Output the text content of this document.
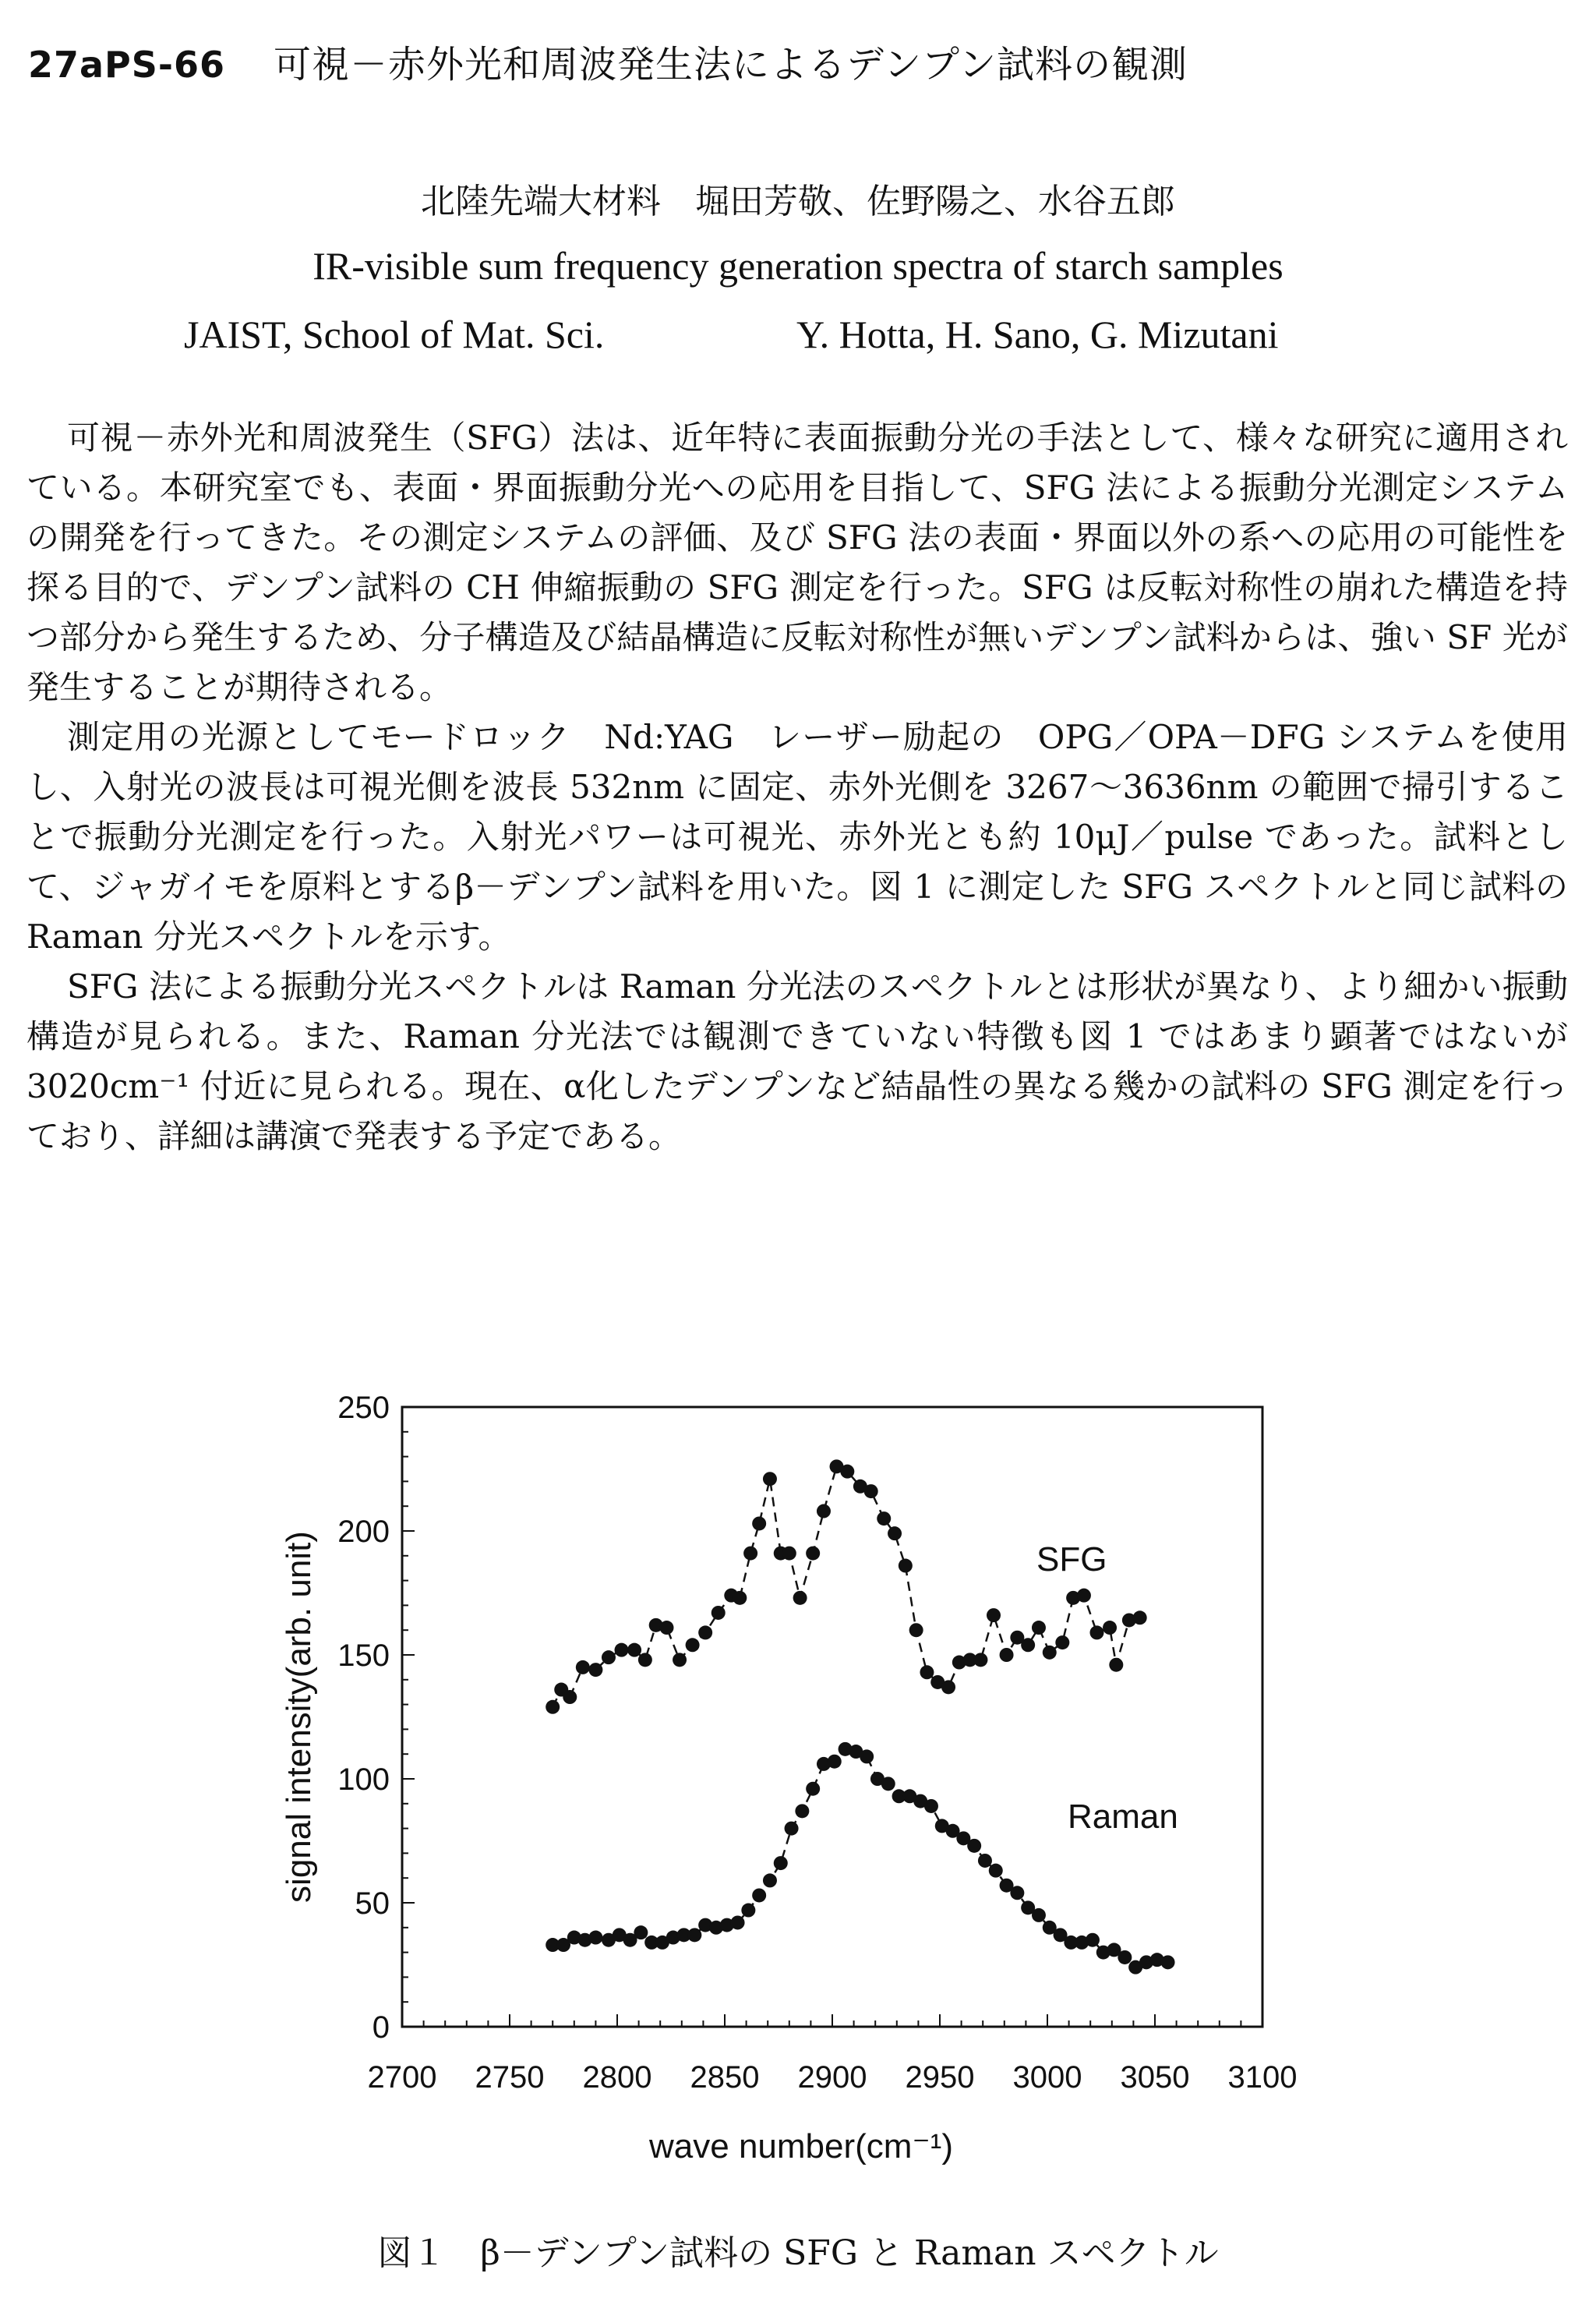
27aPS-66 可視－赤外光和周波発生法によるデンプン試料の観測
北陸先端大材料　堀田芳敬、佐野陽之、水谷五郎
IR-visible sum frequency generation spectra of starch samples
JAIST, School of Mat. Sci.	Y. Hotta, H. Sano, G. Mizutani

可視－赤外光和周波発生（SFG）法は、近年特に表面振動分光の手法として、様々な研究に適用されている。本研究室でも、表面・界面振動分光への応用を目指して、SFG 法による振動分光測定システムの開発を行ってきた。その測定システムの評価、及び SFG 法の表面・界面以外の系への応用の可能性を探る目的で、デンプン試料の CH 伸縮振動の SFG 測定を行った。SFG は反転対称性の崩れた構造を持つ部分から発生するため、分子構造及び結晶構造に反転対称性が無いデンプン試料からは、強い SF 光が発生することが期待される。

測定用の光源としてモードロック　Nd:YAG　レーザー励起の　OPG／OPA－DFG システムを使用し、入射光の波長は可視光側を波長 532nm に固定、赤外光側を 3267～3636nm の範囲で掃引することで振動分光測定を行った。入射光パワーは可視光、赤外光とも約 10μJ／pulse であった。試料として、ジャガイモを原料とするβ－デンプン試料を用いた。図 1 に測定した SFG スペクトルと同じ試料の Raman 分光スペクトルを示す。

SFG 法による振動分光スペクトルは Raman 分光法のスペクトルとは形状が異なり、より細かい振動構造が見られる。また、Raman 分光法では観測できていない特徴も図 1 ではあまり顕著ではないが 3020cm⁻¹ 付近に見られる。現在、α化したデンプンなど結晶性の異なる幾かの試料の SFG 測定を行っており、詳細は講演で発表する予定である。

2700 2750 2800 2850 2900 2950 3000 3050 3100
0
50
100
150
200
250
wave number(cm⁻¹)
signal intensity(arb. unit)	SFG
Raman
図１　β－デンプン試料の SFG と Raman スペクトル
